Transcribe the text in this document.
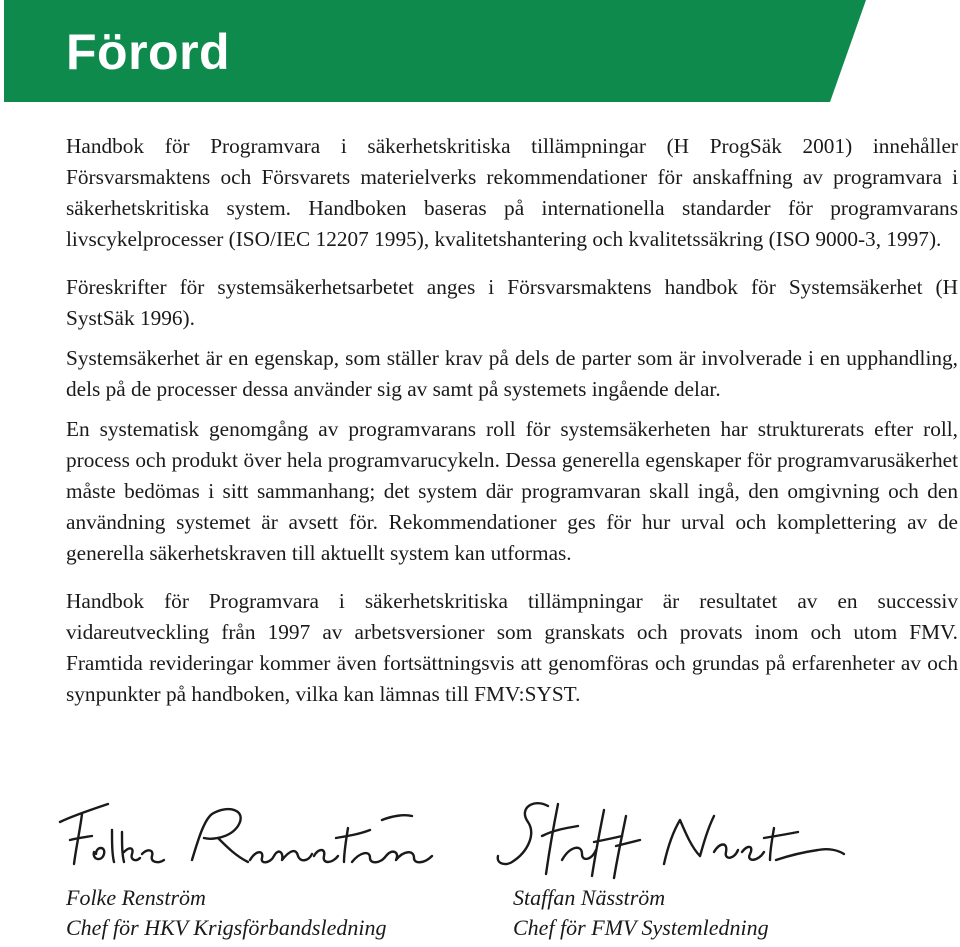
Förord

Handbok för Programvara i säkerhetskritiska tillämpningar (H ProgSäk 2001) innehåller Försvarsmaktens och Försvarets materielverks rekommendationer för anskaffning av programvara i säkerhetskritiska system. Handboken baseras på internationella standarder för programvarans livscykelprocesser (ISO/IEC 12207 1995), kvalitetshantering och kvalitetssäkring (ISO 9000-3, 1997).

Föreskrifter för systemsäkerhetsarbetet anges i Försvarsmaktens handbok för Systemsäkerhet (H SystSäk 1996).

Systemsäkerhet är en egenskap, som ställer krav på dels de parter som är involverade i en upphandling, dels på de processer dessa använder sig av samt på systemets ingående delar.

En systematisk genomgång av programvarans roll för systemsäkerheten har strukturerats efter roll, process och produkt över hela programvarucykeln. Dessa generella egenskaper för programvarusäkerhet måste bedömas i sitt sammanhang; det system där programvaran skall ingå, den omgivning och den användning systemet är avsett för. Rekommendationer ges för hur urval och komplettering av de generella säkerhetskraven till aktuellt system kan utformas.

Handbok för Programvara i säkerhetskritiska tillämpningar är resultatet av en successiv vidareutveckling från 1997 av arbetsversioner som granskats och provats inom och utom FMV. Framtida revideringar kommer även fortsättningsvis att genomföras och grundas på erfarenheter av och synpunkter på handboken, vilka kan lämnas till FMV:SYST.

Folke Renström
Chef för HKV Krigsförbandsledning
Staffan Näsström
Chef för FMV Systemledning
